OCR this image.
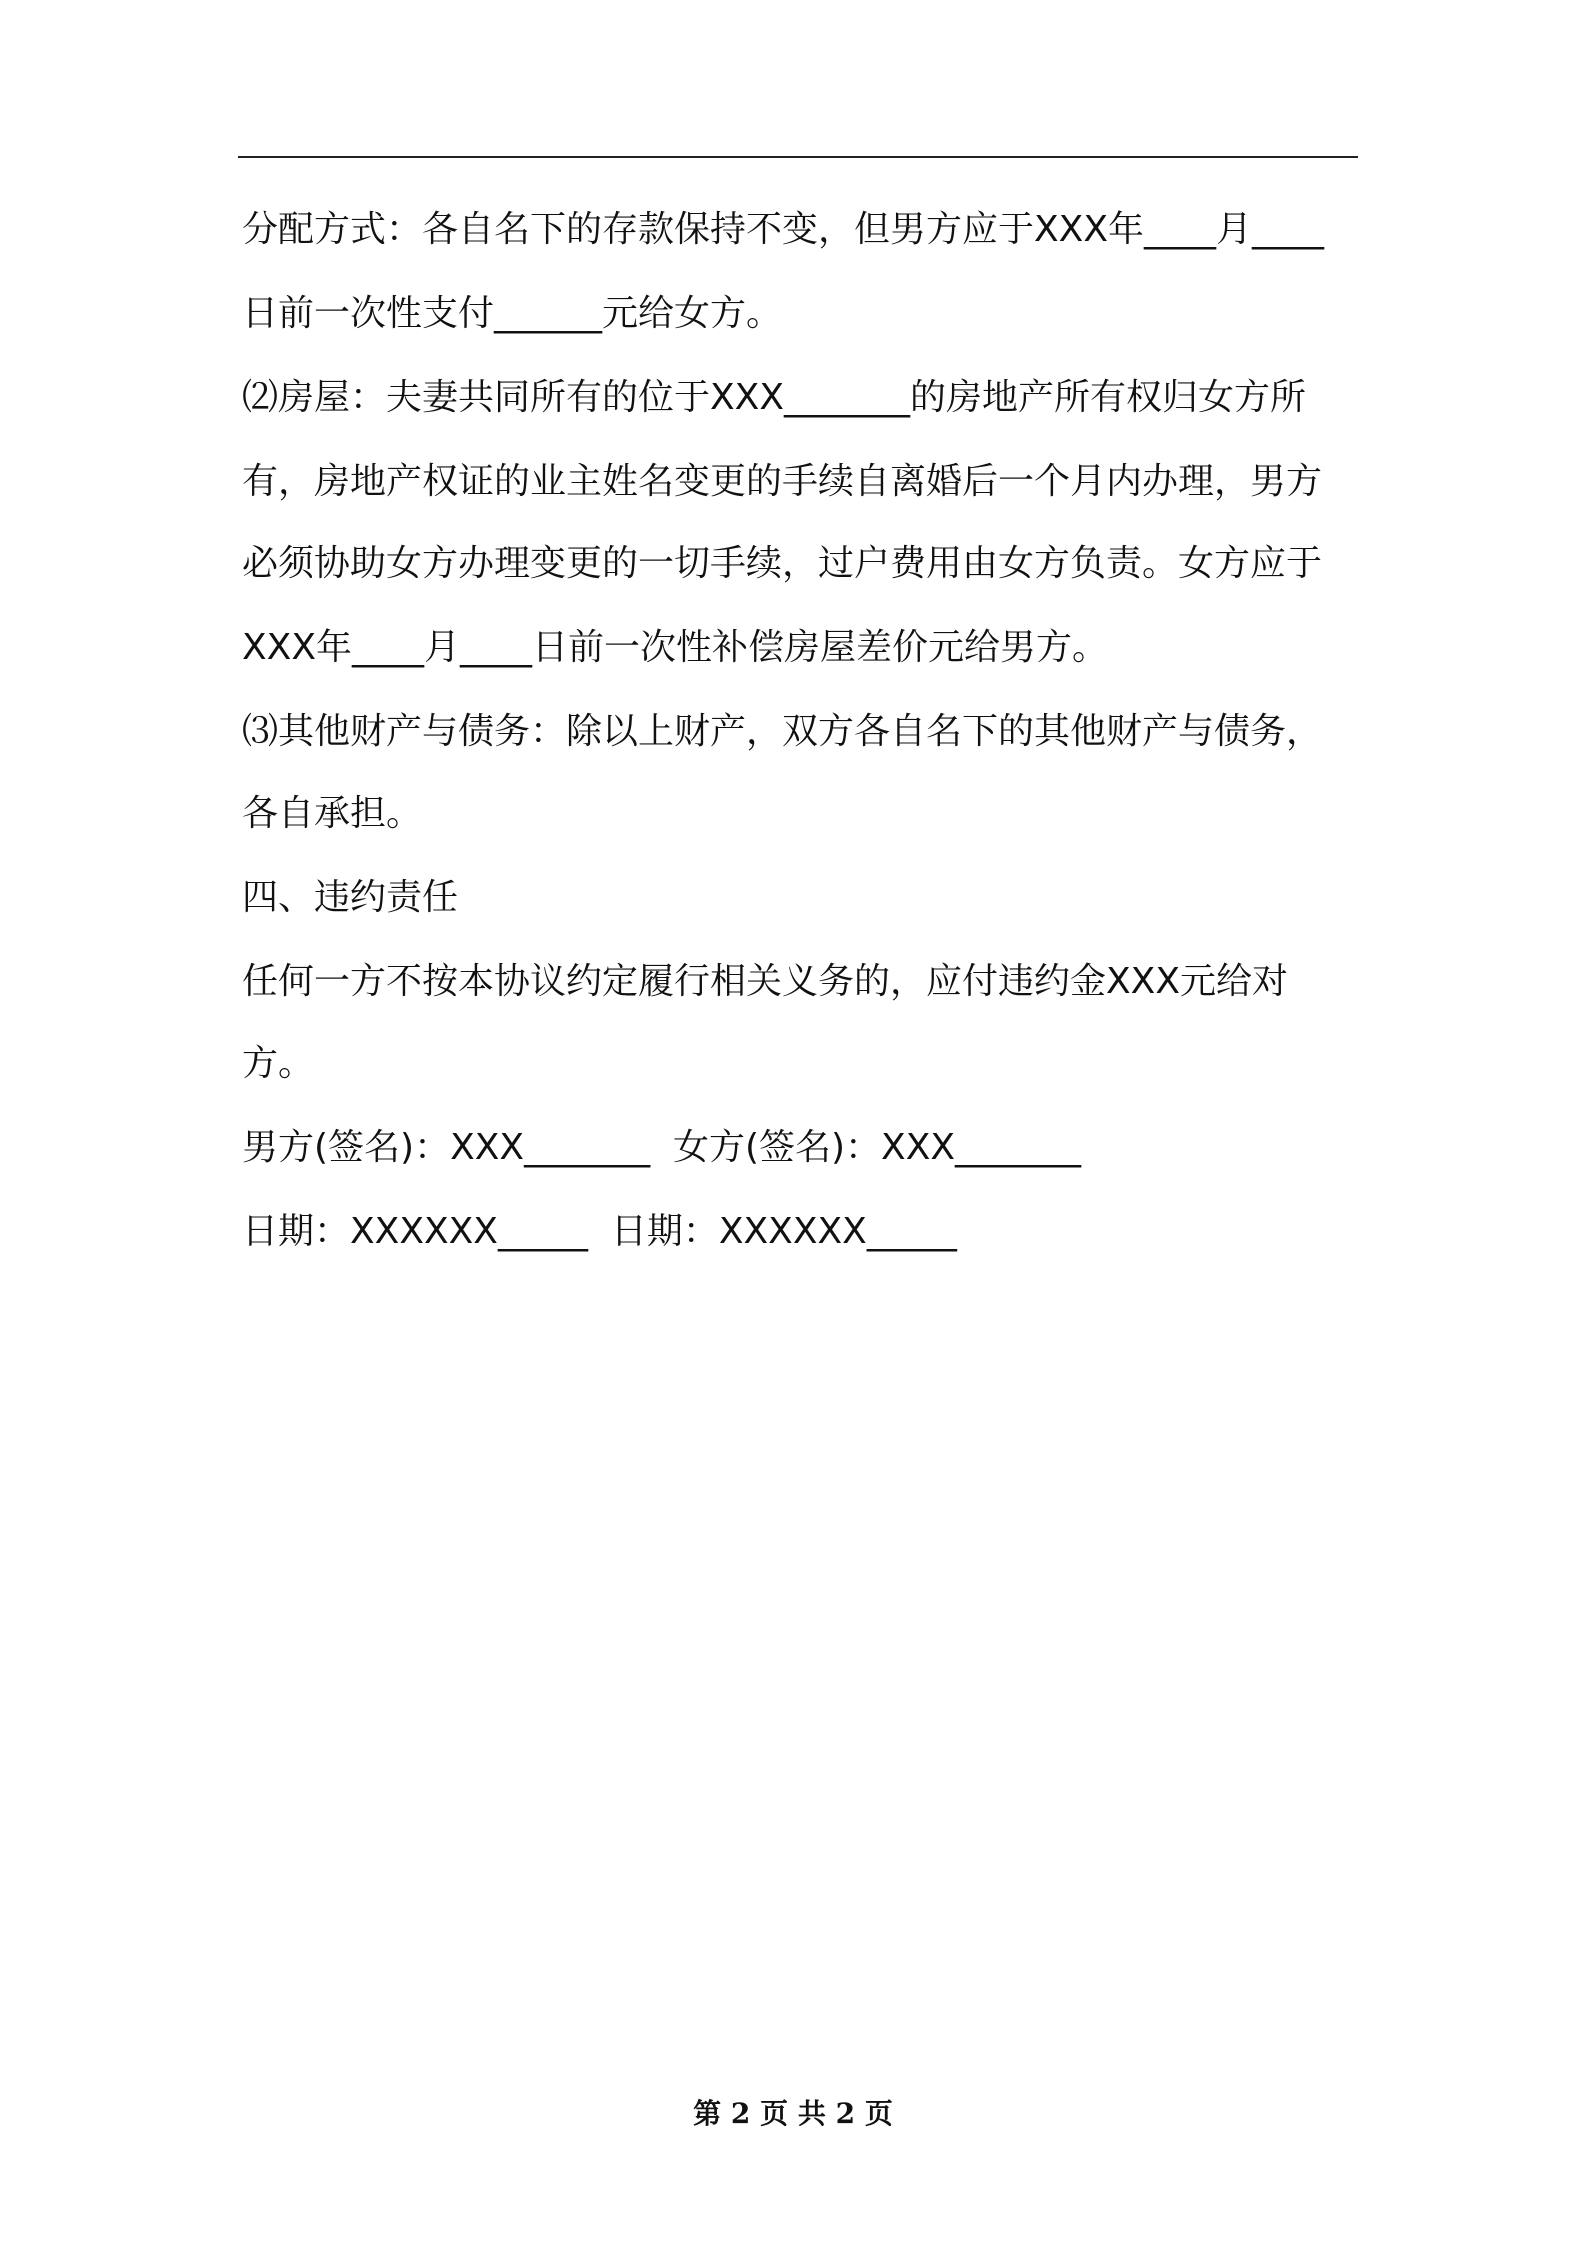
分配方式：各自名下的存款保持不变，但男方应于XXX年____月____

日前一次性支付______元给女方。

⑵房屋：夫妻共同所有的位于XXX_______的房地产所有权归女方所

有，房地产权证的业主姓名变更的手续自离婚后一个月内办理，男方

必须协助女方办理变更的一切手续，过户费用由女方负责。女方应于

XXX年____月____日前一次性补偿房屋差价元给男方。

⑶其他财产与债务：除以上财产，双方各自名下的其他财产与债务，

各自承担。

四、违约责任

任何一方不按本协议约定履行相关义务的，应付违约金XXX元给对

方。

男方(签名)：XXX_______  女方(签名)：XXX_______

日期：XXXXXX_____  日期：XXXXXX_____

第 2 页 共 2 页
